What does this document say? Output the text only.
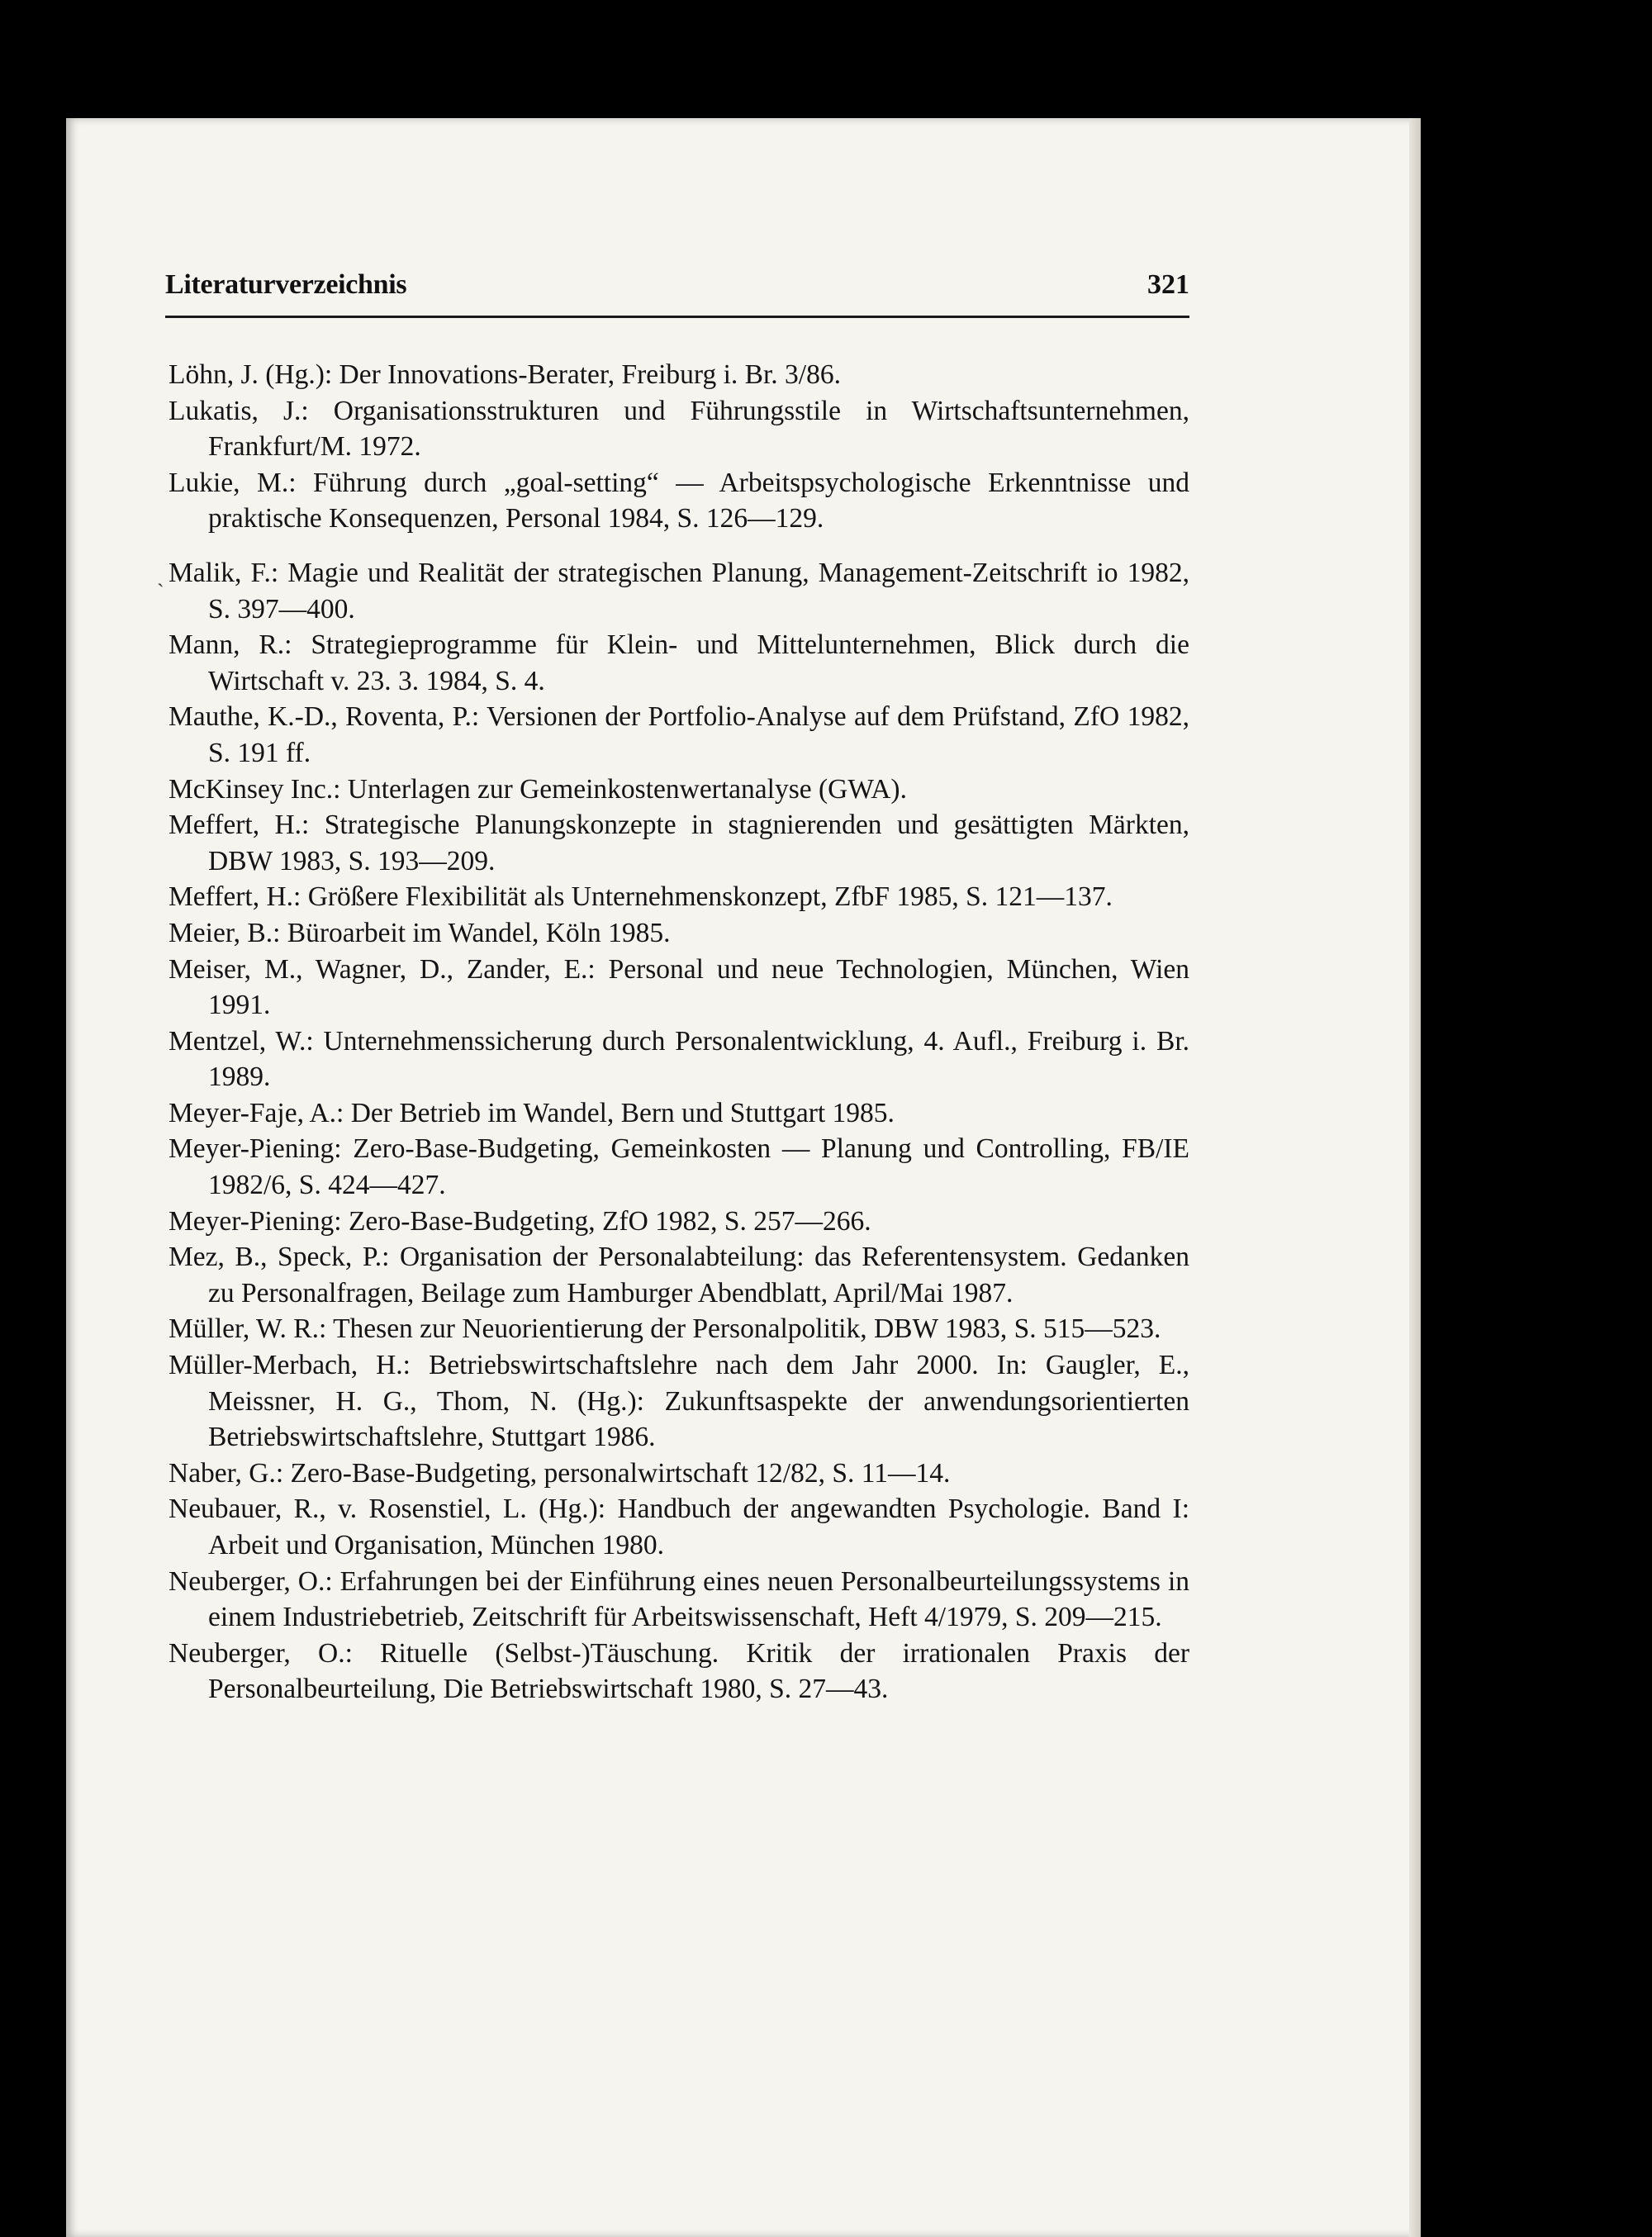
Literaturverzeichnis	321
ˎ

Löhn, J. (Hg.): Der Innovations-Berater, Freiburg i. Br. 3/86.

Lukatis, J.: Organisationsstrukturen und Führungsstile in Wirtschaftsunternehmen, Frankfurt/M. 1972.

Lukie, M.: Führung durch „goal-setting“ — Arbeitspsychologische Erkenntnisse und praktische Konsequenzen, Personal 1984, S. 126—129.

Malik, F.: Magie und Realität der strategischen Planung, Management-Zeitschrift io 1982, S. 397—400.

Mann, R.: Strategieprogramme für Klein- und Mittelunternehmen, Blick durch die Wirtschaft v. 23. 3. 1984, S. 4.

Mauthe, K.-D., Roventa, P.: Versionen der Portfolio-Analyse auf dem Prüfstand, ZfO 1982, S. 191 ff.

McKinsey Inc.: Unterlagen zur Gemeinkostenwertanalyse (GWA).

Meffert, H.: Strategische Planungskonzepte in stagnierenden und gesättigten Märkten, DBW 1983, S. 193—209.

Meffert, H.: Größere Flexibilität als Unternehmenskonzept, ZfbF 1985, S. 121—137.

Meier, B.: Büroarbeit im Wandel, Köln 1985.

Meiser, M., Wagner, D., Zander, E.: Personal und neue Technologien, München, Wien 1991.

Mentzel, W.: Unternehmenssicherung durch Personalentwicklung, 4. Aufl., Freiburg i. Br. 1989.

Meyer-Faje, A.: Der Betrieb im Wandel, Bern und Stuttgart 1985.

Meyer-Piening: Zero-Base-Budgeting, Gemeinkosten — Planung und Controlling, FB/IE 1982/6, S. 424—427.

Meyer-Piening: Zero-Base-Budgeting, ZfO 1982, S. 257—266.

Mez, B., Speck, P.: Organisation der Personalabteilung: das Referentensystem. Gedanken zu Personalfragen, Beilage zum Hamburger Abendblatt, April/Mai 1987.

Müller, W. R.: Thesen zur Neuorientierung der Personalpolitik, DBW 1983, S. 515—523.

Müller-Merbach, H.: Betriebswirtschaftslehre nach dem Jahr 2000. In: Gaugler, E., Meissner, H. G., Thom, N. (Hg.): Zukunftsaspekte der anwendungsorientierten Betriebswirtschaftslehre, Stuttgart 1986.

Naber, G.: Zero-Base-Budgeting, personalwirtschaft 12/82, S. 11—14.

Neubauer, R., v. Rosenstiel, L. (Hg.): Handbuch der angewandten Psychologie. Band I: Arbeit und Organisation, München 1980.

Neuberger, O.: Erfahrungen bei der Einführung eines neuen Personalbeurteilungssystems in einem Industriebetrieb, Zeitschrift für Arbeitswissenschaft, Heft 4/1979, S. 209—215.

Neuberger, O.: Rituelle (Selbst-)Täuschung. Kritik der irrationalen Praxis der Personalbeurteilung, Die Betriebswirtschaft 1980, S. 27—43.
